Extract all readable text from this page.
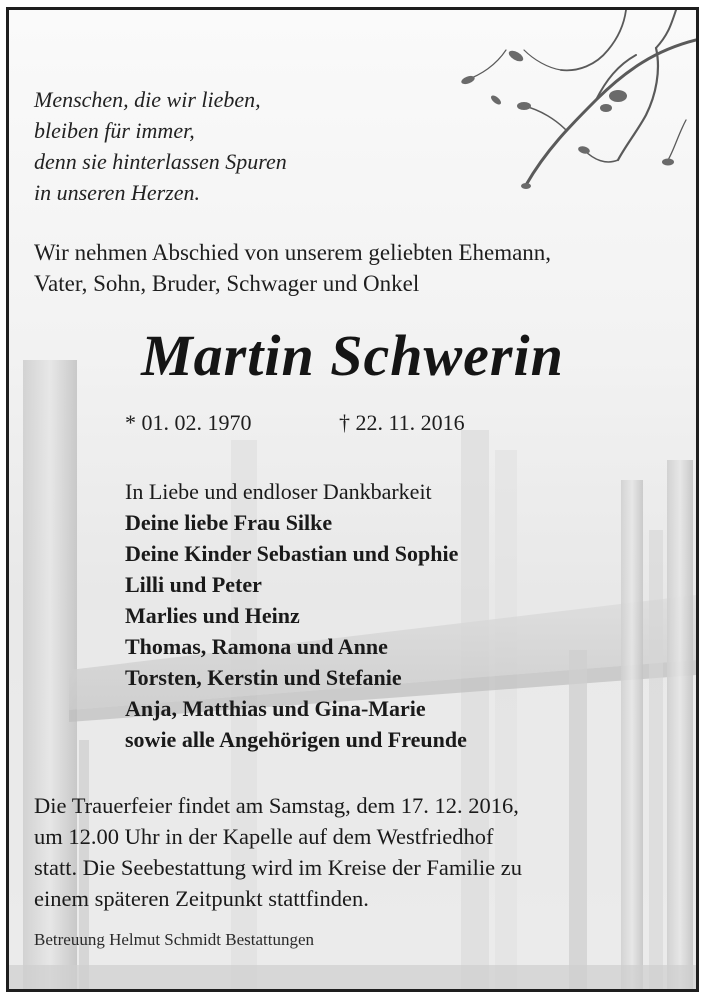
Menschen, die wir lieben,
bleiben für immer,
denn sie hinterlassen Spuren
in unseren Herzen.
Wir nehmen Abschied von unserem geliebten Ehemann,
Vater, Sohn, Bruder, Schwager und Onkel
Martin Schwerin
* 01. 02. 1970	† 22. 11. 2016
In Liebe und endloser Dankbarkeit
Deine liebe Frau Silke
Deine Kinder Sebastian und Sophie
Lilli und Peter
Marlies und Heinz
Thomas, Ramona und Anne
Torsten, Kerstin und Stefanie
Anja, Matthias und Gina-Marie
sowie alle Angehörigen und Freunde
Die Trauerfeier findet am Samstag, dem 17. 12. 2016,
um 12.00 Uhr in der Kapelle auf dem Westfriedhof
statt. Die Seebestattung wird im Kreise der Familie zu
einem späteren Zeitpunkt stattfinden.
Betreuung Helmut Schmidt Bestattungen
